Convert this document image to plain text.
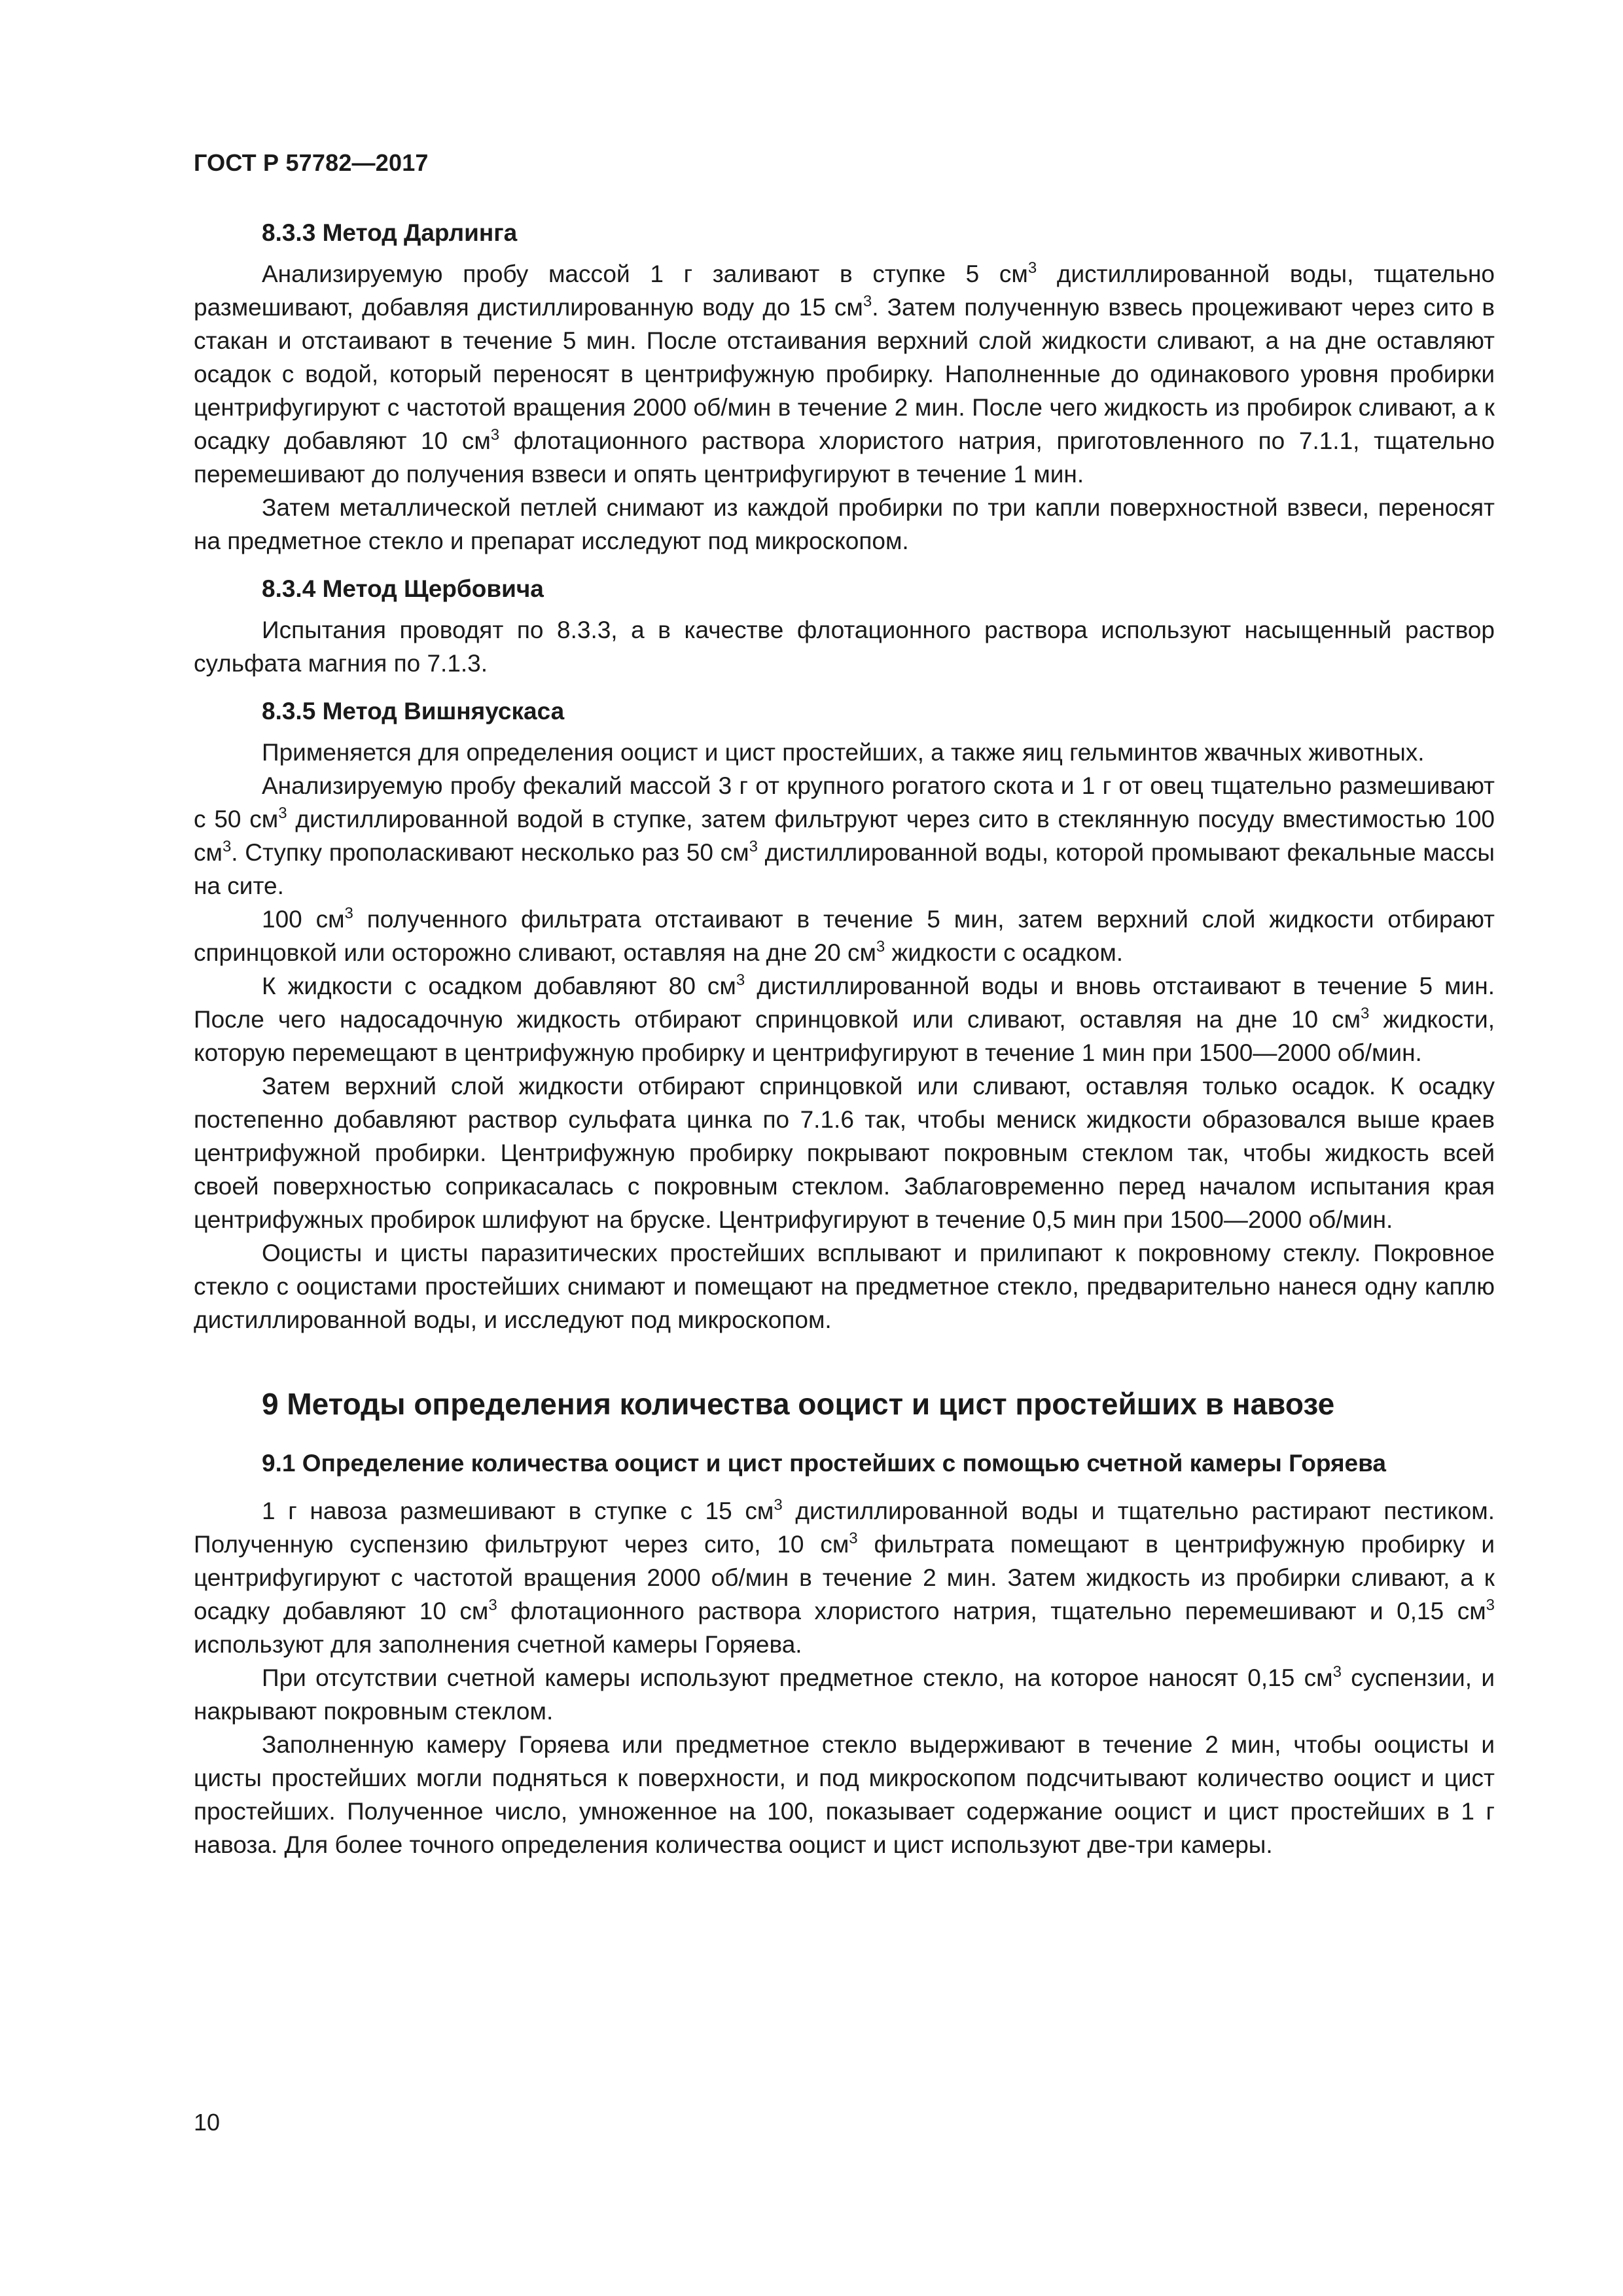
ГОСТ Р 57782—2017
8.3.3 Метод Дарлинга

Анализируемую пробу массой 1 г заливают в ступке 5 $см^3$ дистиллированной воды, тщательно размешивают, добавляя дистиллированную воду до 15 $см^3$. Затем полученную взвесь процеживают через сито в стакан и отстаивают в течение 5 мин. После отстаивания верхний слой жидкости сливают, а на дне оставляют осадок с водой, который переносят в центрифужную пробирку. Наполненные до одинакового уровня пробирки центрифугируют с частотой вращения 2000 об/мин в течение 2 мин. После чего жидкость из пробирок сливают, а к осадку добавляют 10 $см^3$ флотационного раствора хлористого натрия, приготовленного по 7.1.1, тщательно перемешивают до получения взвеси и опять центрифугируют в течение 1 мин.

Затем металлической петлей снимают из каждой пробирки по три капли поверхностной взвеси, переносят на предметное стекло и препарат исследуют под микроскопом.

8.3.4 Метод Щербовича

Испытания проводят по 8.3.3, а в качестве флотационного раствора используют насыщенный раствор сульфата магния по 7.1.3.

8.3.5 Метод Вишняускаса

Применяется для определения ооцист и цист простейших, а также яиц гельминтов жвачных животных.

Анализируемую пробу фекалий массой 3 г от крупного рогатого скота и 1 г от овец тщательно размешивают с 50 $см^3$ дистиллированной водой в ступке, затем фильтруют через сито в стеклянную посуду вместимостью 100 $см^3$. Ступку прополаскивают несколько раз 50 $см^3$ дистиллированной воды, которой промывают фекальные массы на сите.

100 $см^3$ полученного фильтрата отстаивают в течение 5 мин, затем верхний слой жидкости отбирают спринцовкой или осторожно сливают, оставляя на дне 20 $см^3$ жидкости с осадком.

К жидкости с осадком добавляют 80 $см^3$ дистиллированной воды и вновь отстаивают в течение 5 мин. После чего надосадочную жидкость отбирают спринцовкой или сливают, оставляя на дне 10 $см^3$ жидкости, которую перемещают в центрифужную пробирку и центрифугируют в течение 1 мин при 1500—2000 об/мин.

Затем верхний слой жидкости отбирают спринцовкой или сливают, оставляя только осадок. К осадку постепенно добавляют раствор сульфата цинка по 7.1.6 так, чтобы мениск жидкости образовался выше краев центрифужной пробирки. Центрифужную пробирку покрывают покровным стеклом так, чтобы жидкость всей своей поверхностью соприкасалась с покровным стеклом. Заблаговременно перед началом испытания края центрифужных пробирок шлифуют на бруске. Центрифугируют в течение 0,5 мин при 1500—2000 об/мин.

Ооцисты и цисты паразитических простейших всплывают и прилипают к покровному стеклу. Покровное стекло с ооцистами простейших снимают и помещают на предметное стекло, предварительно нанеся одну каплю дистиллированной воды, и исследуют под микроскопом.

9 Методы определения количества ооцист и цист простейших в навозе
9.1 Определение количества ооцист и цист простейших с помощью счетной камеры Горяева

1 г навоза размешивают в ступке с 15 $см^3$ дистиллированной воды и тщательно растирают пестиком. Полученную суспензию фильтруют через сито, 10 $см^3$ фильтрата помещают в центрифужную пробирку и центрифугируют с частотой вращения 2000 об/мин в течение 2 мин. Затем жидкость из пробирки сливают, а к осадку добавляют 10 $см^3$ флотационного раствора хлористого натрия, тщательно перемешивают и 0,15 $см^3$ используют для заполнения счетной камеры Горяева.

При отсутствии счетной камеры используют предметное стекло, на которое наносят 0,15 $см^3$ суспензии, и накрывают покровным стеклом.

Заполненную камеру Горяева или предметное стекло выдерживают в течение 2 мин, чтобы ооцисты и цисты простейших могли подняться к поверхности, и под микроскопом подсчитывают количество ооцист и цист простейших. Полученное число, умноженное на 100, показывает содержание ооцист и цист простейших в 1 г навоза. Для более точного определения количества ооцист и цист используют две-три камеры.

10
